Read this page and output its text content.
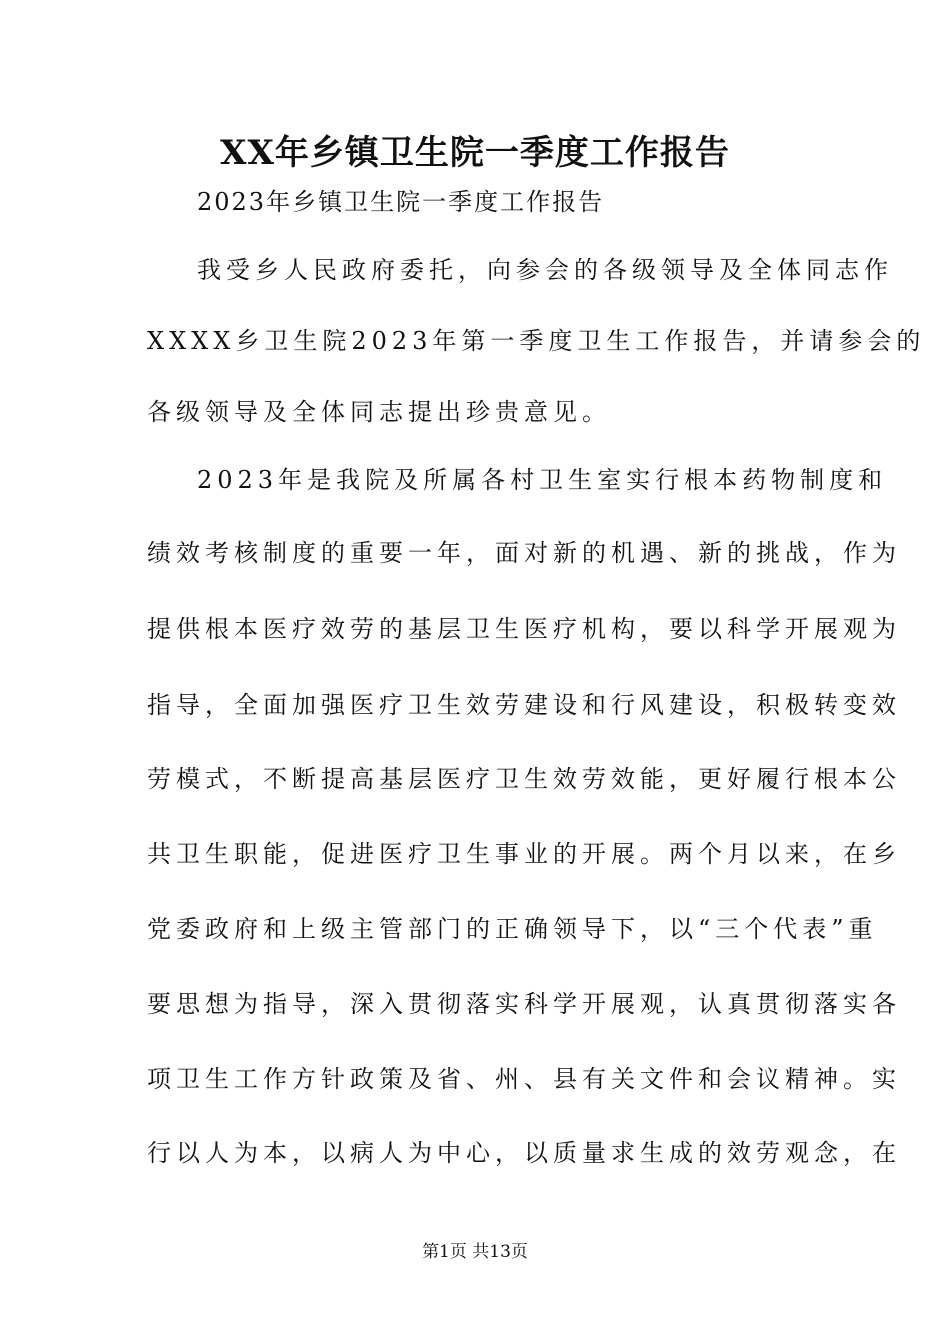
XX年乡镇卫生院一季度工作报告
2023年乡镇卫生院一季度工作报告
我受乡人民政府委托，向参会的各级领导及全体同志作
XXXX乡卫生院2023年第一季度卫生工作报告，并请参会的
各级领导及全体同志提出珍贵意见。
2023年是我院及所属各村卫生室实行根本药物制度和
绩效考核制度的重要一年，面对新的机遇、新的挑战，作为
提供根本医疗效劳的基层卫生医疗机构，要以科学开展观为
指导，全面加强医疗卫生效劳建设和行风建设，积极转变效
劳模式，不断提高基层医疗卫生效劳效能，更好履行根本公
共卫生职能，促进医疗卫生事业的开展。两个月以来，在乡
党委政府和上级主管部门的正确领导下，以“三个代表”重
要思想为指导，深入贯彻落实科学开展观，认真贯彻落实各
项卫生工作方针政策及省、州、县有关文件和会议精神。实
行以人为本，以病人为中心，以质量求生成的效劳观念，在
第1页 共13页
